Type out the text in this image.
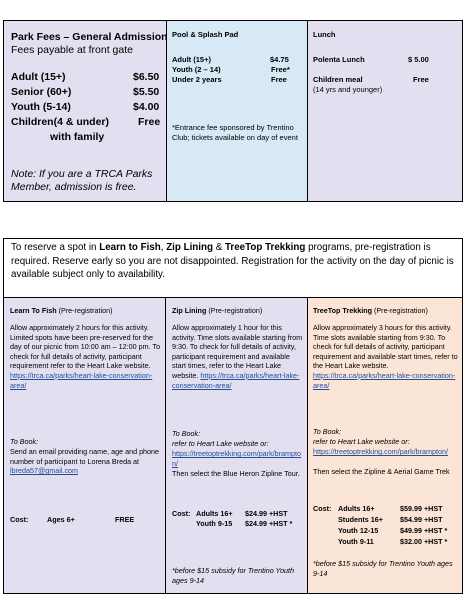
Park Fees – General Admission
Fees payable at front gate
Adult (15+)	$6.50
Senior (60+)	$5.50
Youth (5-14)	$4.00
Children(4 & under)	Free
with family
Note: If you are a TRCA Parks Member, admission is free.
Pool & Splash Pad
Adult (15+)	$4.75
Youth (2 – 14)	Free*
Under 2 years	Free
*Entrance fee sponsored by Trentino Club; tickets available on day of event
Lunch
Polenta Lunch	$ 5.00
Children meal	Free
(14 yrs and younger)
To reserve a spot in Learn to Fish, Zip Lining & TreeTop Trekking programs, pre-registration is required. Reserve early so you are not disappointed. Registration for the activity on the day of picnic is available subject only to availability.
Learn To Fish (Pre-registration)
Allow approximately 2 hours for this activity. Limited spots have been pre-reserved for the day of our picnic from 10:00 am – 12:00 pm. To check for full details of activity, participant requirement refer to the Heart Lake website. https://trca.ca/parks/heart-lake-conservation-area/
To Book:
Send an email providing name, age and phone number of participant to Lorena Breda at lbreda57@gmail.com
Cost:	Ages 6+	FREE
Zip Lining (Pre-registration)
Allow approximately 1 hour for this activity. Time slots available starting from 9:30. To check for full details of activity, participant requirement and available start times, refer to the Heart Lake website. https://trca.ca/parks/heart-lake-conservation-area/
To Book:
refer to Heart Lake website or:
https://treetoptrekking.com/park/brampton/
Then select the Blue Heron Zipline Tour.
Cost: Adults 16+ $24.99 +HST
Youth 9-15 $24.99 +HST *
*before $15 subsidy for Trentino Youth ages 9-14
TreeTop Trekking (Pre-registration)
Allow approximately 3 hours for this activity. Time slots available starting from 9:30. To check for full details of activity, participant requirement and available start times, refer to the Heart Lake website. https://trca.ca/parks/heart-lake-conservation-area/
To Book:
refer to Heart Lake website or:
https://treetoptrekking.com/park/brampton/
Then select the Zipline & Aerial Game Trek
Cost: Adults 16+	$59.99 +HST
Students 16+ $54.99 +HST
Youth 12-15	$49.99 +HST *
Youth 9-11	$32.00 +HST *
*before $15 subsidy for Trentino Youth ages 9-14
